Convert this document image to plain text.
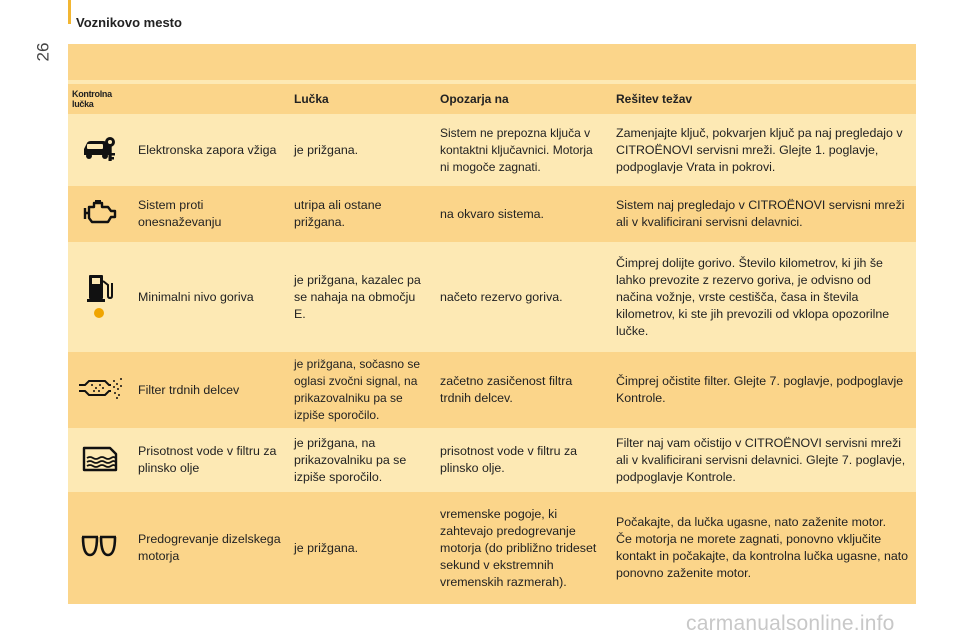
Voznikovo mesto
26
Kontrolna lučka		Lučka	Opozarja na	Rešitev težav

	Elektronska zapora vžiga	je prižgana.	Sistem ne prepozna ključa v kontaktni ključavnici. Motorja ni mogoče zagnati.	Zamenjajte ključ, pokvarjen ključ pa naj pregledajo v CITROËNOVI servisni mreži. Glejte 1. poglavje, podpoglavje Vrata in pokrovi.

	Sistem proti onesnaževanju	utripa ali ostane prižgana.	na okvaro sistema.	Sistem naj pregledajo v CITROËNOVI servisni mreži ali v kvalificirani servisni delavnici.

	Minimalni nivo goriva	je prižgana, kazalec pa se nahaja na območju E.	načeto rezervo goriva.	Čimprej dolijte gorivo. Število kilometrov, ki jih še lahko prevozite z rezervo goriva, je odvisno od načina vožnje, vrste cestišča, časa in števila kilometrov, ki ste jih prevozili od vklopa opozorilne lučke.

	Filter trdnih delcev	je prižgana, sočasno se oglasi zvočni signal, na prikazovalniku pa se izpiše sporočilo.	začetno zasičenost filtra trdnih delcev.	Čimprej očistite filter. Glejte 7. poglavje, podpoglavje Kontrole.

	Prisotnost vode v filtru za plinsko olje	je prižgana, na prikazovalniku pa se izpiše sporočilo.	prisotnost vode v filtru za plinsko olje.	Filter naj vam očistijo v CITROËNOVI servisni mreži ali v kvalificirani servisni delavnici. Glejte 7. poglavje, podpoglavje Kontrole.

	Predogrevanje dizelskega motorja	je prižgana.	vremenske pogoje, ki zahtevajo predogrevanje motorja (do približno trideset sekund v ekstremnih vremenskih razmerah).	Počakajte, da lučka ugasne, nato zaženite motor.
Če motorja ne morete zagnati, ponovno vključite kontakt in počakajte, da kontrolna lučka ugasne, nato ponovno zaženite motor.
carmanualsonline.info
